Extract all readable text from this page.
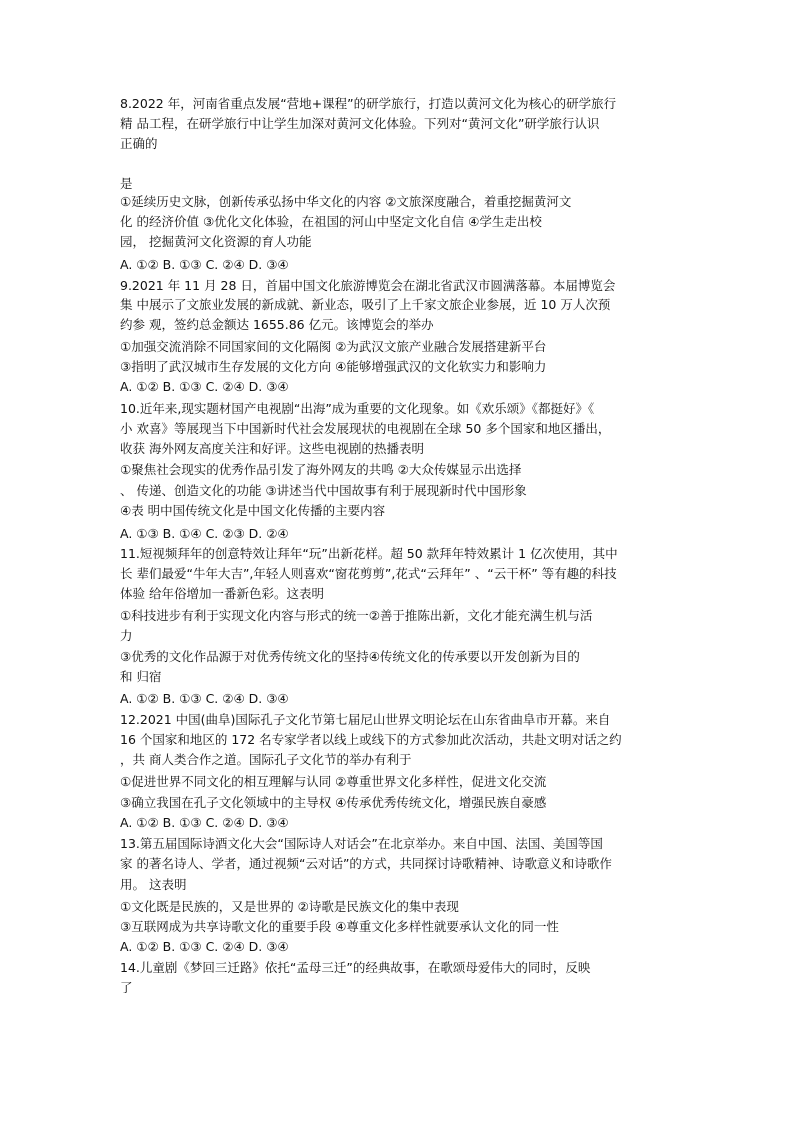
8.2022 年，河南省重点发展“营地+课程”的研学旅行，打造以黄河文化为核心的研学旅行
精 品工程，在研学旅行中让学生加深对黄河文化体验。下列对“黄河文化”研学旅行认识
正确的
是
①延续历史文脉，创新传承弘扬中华文化的内容 ②文旅深度融合，着重挖掘黄河文
化 的经济价值 ③优化文化体验，在祖国的河山中坚定文化自信 ④学生走出校
园， 挖掘黄河文化资源的育人功能
A. ①② B. ①③ C. ②④ D. ③④
9.2021 年 11 月 28 日，首届中国文化旅游博览会在湖北省武汉市圆满落幕。本届博览会
集 中展示了文旅业发展的新成就、新业态，吸引了上千家文旅企业参展，近 10 万人次预
约参 观，签约总金额达 1655.86 亿元。该博览会的举办
①加强交流消除不同国家间的文化隔阂 ②为武汉文旅产业融合发展搭建新平台
③指明了武汉城市生存发展的文化方向 ④能够增强武汉的文化软实力和影响力
A. ①② B. ①③ C. ②④ D. ③④
10.近年来,现实题材国产电视剧“出海”成为重要的文化现象。如《欢乐颂》《都挺好》《
小 欢喜》等展现当下中国新时代社会发展现状的电视剧在全球 50 多个国家和地区播出，
收获 海外网友高度关注和好评。这些电视剧的热播表明
①聚焦社会现实的优秀作品引发了海外网友的共鸣 ②大众传媒显示出选择
、 传递、创造文化的功能 ③讲述当代中国故事有利于展现新时代中国形象
④表 明中国传统文化是中国文化传播的主要内容
A. ①③ B. ①④ C. ②③ D. ②④
11.短视频拜年的创意特效让拜年“玩”出新花样。超 50 款拜年特效累计 1 亿次使用，其中
长 辈们最爱“牛年大吉”,年轻人则喜欢“窗花剪剪”,花式“云拜年” 、“云干杯” 等有趣的科技
体验 给年俗增加一番新色彩。这表明
①科技进步有利于实现文化内容与形式的统一②善于推陈出新，文化才能充满生机与活
力
③优秀的文化作品源于对优秀传统文化的坚持④传统文化的传承要以开发创新为目的
和 归宿
A. ①② B. ①③ C. ②④ D. ③④
12.2021 中国(曲阜)国际孔子文化节第七届尼山世界文明论坛在山东省曲阜市开幕。来自
16 个国家和地区的 172 名专家学者以线上或线下的方式参加此次活动，共赴文明对话之约
，共 商人类合作之道。国际孔子文化节的举办有利于
①促进世界不同文化的相互理解与认同 ②尊重世界文化多样性，促进文化交流
③确立我国在孔子文化领域中的主导权 ④传承优秀传统文化，增强民族自豪感
A. ①② B. ①③ C. ②④ D. ③④
13.第五届国际诗酒文化大会“国际诗人对话会”在北京举办。来自中国、法国、美国等国
家 的著名诗人、学者，通过视频“云对话”的方式，共同探讨诗歌精神、诗歌意义和诗歌作
用。 这表明
①文化既是民族的，又是世界的 ②诗歌是民族文化的集中表现
③互联网成为共享诗歌文化的重要手段 ④尊重文化多样性就要承认文化的同一性
A. ①② B. ①③ C. ②④ D. ③④
14.儿童剧《梦回三迁路》依托“孟母三迁”的经典故事，在歌颂母爱伟大的同时，反映
了
